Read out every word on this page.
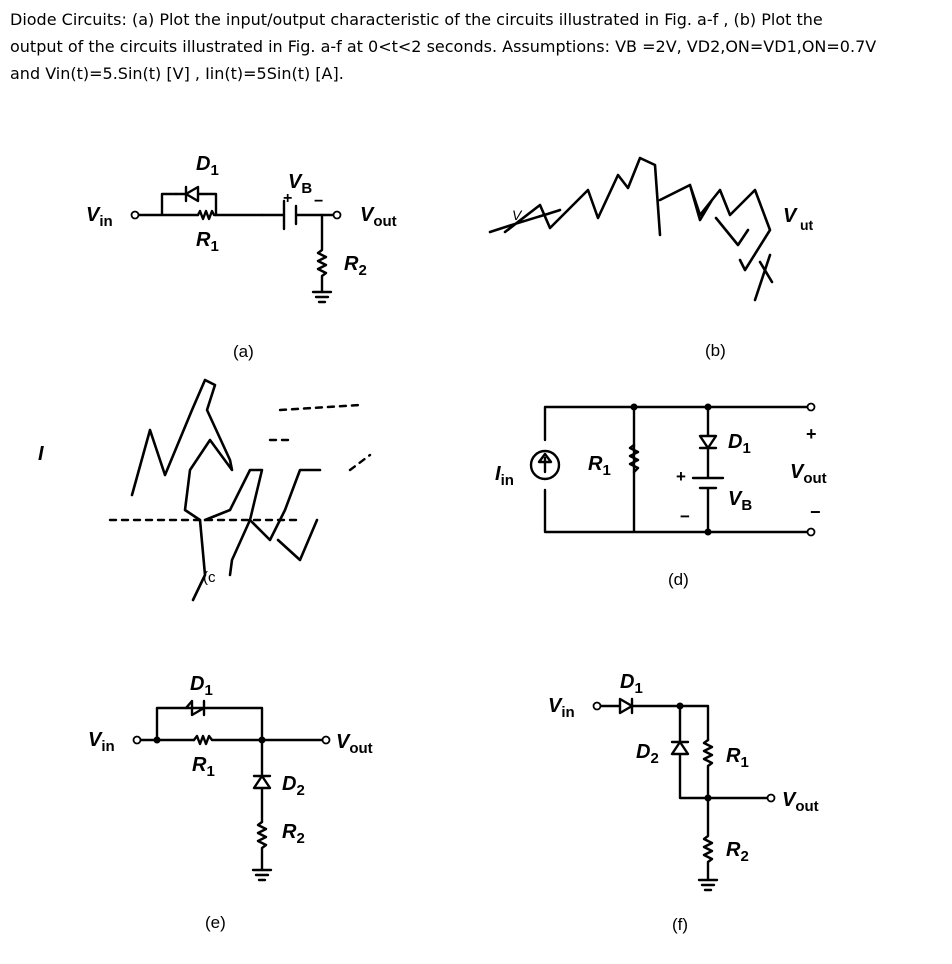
Diode Circuits: (a) Plot the input/output characteristic of the circuits illustrated in Fig. a-f , (b) Plot the
output of the circuits illustrated in Fig. a-f at 0<t<2 seconds. Assumptions: VB =2V, VD2,ON=VD1,ON=0.7V
and Vin(t)=5.Sin(t) [V] , Iin(t)=5Sin(t) [A].
$V_{in}$
$D_1$
$R_1$
+ −
$V_B$
$V_{out}$
$R_2$
(a)
V	V ut
(b)
I
(c
$I_{in}$
$R_1$
$D_1$
$V_B$
+
−
+
−
$V_{out}$
(d)
$V_{in}$
$D_1$
$R_1$
$V_{out}$
$D_2$
$R_2$
(e)
$V_{in}$
$D_1$
$D_2$	$R_1$
$V_{out}$
$R_2$
(f)
